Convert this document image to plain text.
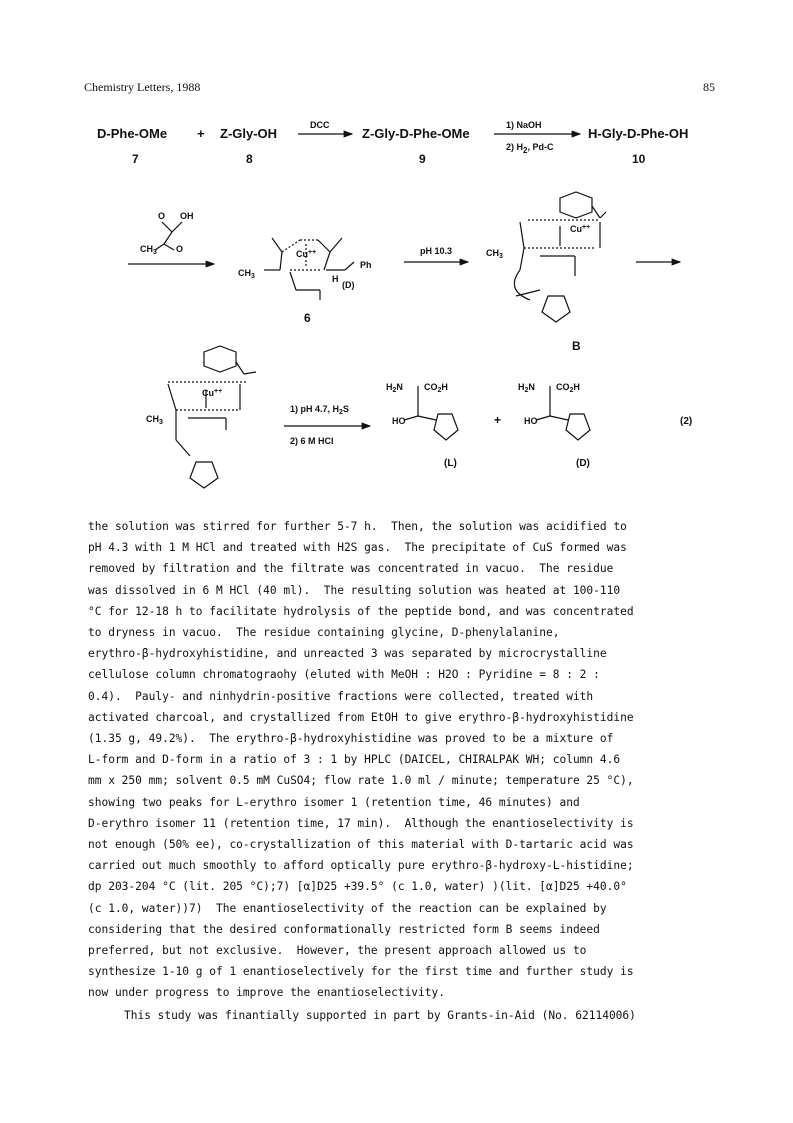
Chemistry Letters, 1988	85
D-Phe-OMe + Z-Gly-OH
DCC
Z-Gly-D-Phe-OMe
1) NaOH
2) $H_2$, Pd-C
H-Gly-D-Phe-OH
7	8	9	10
O OH
$CH_3$ O	Cu++
Ph
$CH_3$	H
(D)
6
pH 10.3
Cu++
$CH_3$
B
$CH_3$
Cu++
1) pH 4.7, $H_2S$
2) 6 M HCl
$H_2N$ $CO_2H$
HO
(L)
+
$H_2N$ $CO_2H$
HO
(D)
(2)
the solution was stirred for further 5-7 h.  Then, the solution was acidified to
pH 4.3 with 1 M HCl and treated with H2S gas.  The precipitate of CuS formed was
removed by filtration and the filtrate was concentrated in vacuo.  The residue
was dissolved in 6 M HCl (40 ml).  The resulting solution was heated at 100-110
°C for 12-18 h to facilitate hydrolysis of the peptide bond, and was concentrated
to dryness in vacuo.  The residue containing glycine, D-phenylalanine,
erythro-β-hydroxyhistidine, and unreacted 3 was separated by microcrystalline
cellulose column chromatograohy (eluted with MeOH : H2O : Pyridine = 8 : 2 :
0.4).  Pauly- and ninhydrin-positive fractions were collected, treated with
activated charcoal, and crystallized from EtOH to give erythro-β-hydroxyhistidine
(1.35 g, 49.2%).  The erythro-β-hydroxyhistidine was proved to be a mixture of
L-form and D-form in a ratio of 3 : 1 by HPLC (DAICEL, CHIRALPAK WH; column 4.6
mm x 250 mm; solvent 0.5 mM CuSO4; flow rate 1.0 ml / minute; temperature 25 °C),
showing two peaks for L-erythro isomer 1 (retention time, 46 minutes) and
D-erythro isomer 11 (retention time, 17 min).  Although the enantioselectivity is
not enough (50% ee), co-crystallization of this material with D-tartaric acid was
carried out much smoothly to afford optically pure erythro-β-hydroxy-L-histidine;
dp 203-204 °C (lit. 205 °C);7) [α]D25 +39.5° (c 1.0, water) )(lit. [α]D25 +40.0°
(c 1.0, water))7)  The enantioselectivity of the reaction can be explained by
considering that the desired conformationally restricted form B seems indeed
preferred, but not exclusive.  However, the present approach allowed us to
synthesize 1-10 g of 1 enantioselectively for the first time and further study is
now under progress to improve the enantioselectivity.
This study was finantially supported in part by Grants-in-Aid (No. 62114006)
